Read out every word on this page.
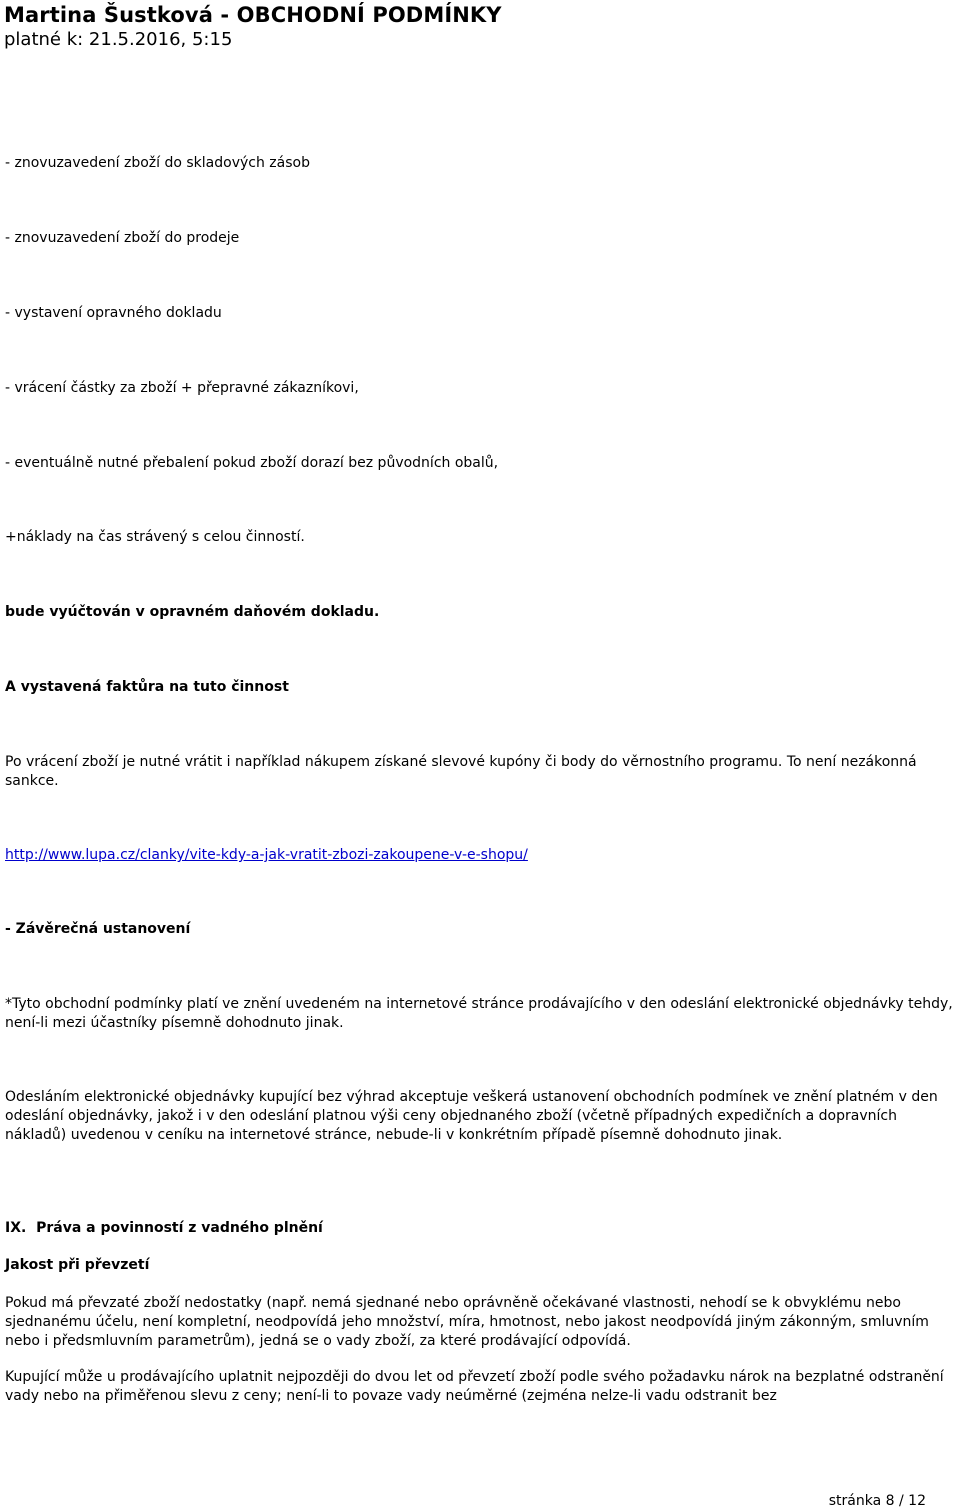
Martina Šustková - OBCHODNÍ PODMÍNKY
platné k: 21.5.2016, 5:15

- znovuzavedení zboží do skladových zásob

- znovuzavedení zboží do prodeje

- vystavení opravného dokladu

- vrácení částky za zboží + přepravné zákazníkovi,

- eventuálně nutné přebalení pokud zboží dorazí bez původních obalů,

+náklady na čas strávený s celou činností.

bude vyúčtován v opravném daňovém dokladu.

A vystavená faktůra na tuto činnost

Po vrácení zboží je nutné vrátit i například nákupem získané slevové kupóny či body do věrnostního programu. To není nezákonná sankce.

http://www.lupa.cz/clanky/vite-kdy-a-jak-vratit-zbozi-zakoupene-v-e-shopu/

- Závěrečná ustanovení

*Tyto obchodní podmínky platí ve znění uvedeném na internetové stránce prodávajícího v den odeslání elektronické objednávky tehdy, není-li mezi účastníky písemně dohodnuto jinak.

Odesláním elektronické objednávky kupující bez výhrad akceptuje veškerá ustanovení obchodních podmínek ve znění platném v den odeslání objednávky, jakož i v den odeslání platnou výši ceny objednaného zboží (včetně případných expedičních a dopravních nákladů) uvedenou v ceníku na internetové stránce, nebude-li v konkrétním případě písemně dohodnuto jinak.

IX. Práva a povinností z vadného plnění

Jakost při převzetí

Pokud má převzaté zboží nedostatky (např. nemá sjednané nebo oprávněně očekávané vlastnosti, nehodí se k obvyklému nebo sjednanému účelu, není kompletní, neodpovídá jeho množství, míra, hmotnost, nebo jakost neodpovídá jiným zákonným, smluvním nebo i předsmluvním parametrům), jedná se o vady zboží, za které prodávající odpovídá.

Kupující může u prodávajícího uplatnit nejpozději do dvou let od převzetí zboží podle svého požadavku nárok na bezplatné odstranění vady nebo na přiměřenou slevu z ceny; není-li to povaze vady neúměrné (zejména nelze-li vadu odstranit bez

stránka 8 / 12
